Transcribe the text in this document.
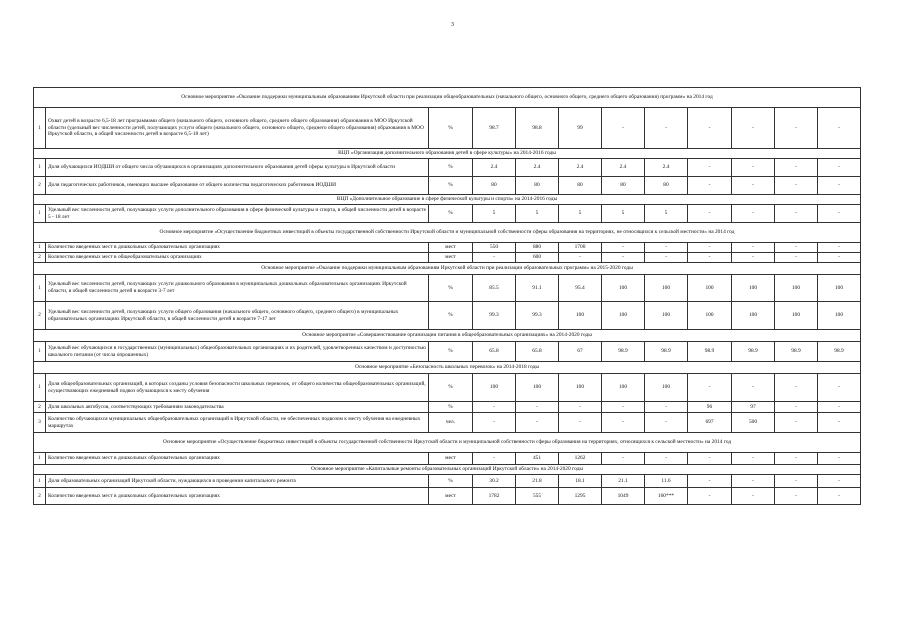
3
Основное мероприятие «Оказание поддержки муниципальным образованиям Иркутской области при реализации общеобразовательных (начального общего, основного общего, среднего общего образования) программ» на 2014 год											
1	Охват детей в возрасте 6,5-18 лет программами общего (начального общего, основного общего, среднего общего образования) образования в МОО Иркутской области (удельный вес численности детей, получающих услуги общего (начального общего, основного общего, среднего общего образования) образования в МОО Иркутской области, в общей численности детей в возрасте 6,5-18 лет)	%	98.7	98.8	99	-	-	-	-	-	-
ВЦП «Организация дополнительного образования детей в сфере культуры» на 2014-2016 годы											
1	Доля обучающихся ИОДШИ от общего числа обучающихся в организациях дополнительного образования детей сферы культуры в Иркутской области	%	2.4	2.4	2.4	2.4	2.4	-	-	-	-
2	Доля педагогических работников, имеющих высшее образование от общего количества педагогических работников ИОДШИ	%	80	80	80	80	80	-	-	-	-
ВЦП «Дополнительное образование в сфере физической культуры и спорта» на 2014-2016 годы											
1	Удельный вес численности детей, получающих услуги дополнительного образования в сфере физической культуры и спорта, в общей численности детей в возрасте 5 - 18 лет	%	5	5	5	5	5	-	-	-	-
Основное мероприятие «Осуществление бюджетных инвестиций в объекты государственной собственности Иркутской области и муниципальной собственности сферы образования на территориях, не относящихся к сельской местности» на 2014 год											
1	Количество введенных мест в дошкольных образовательных организациях	мест	550	880	1700	-	-	-	-	-	-
2	Количество введенных мест в общеобразовательных организациях	мест	-	600	-	-	-	-	-	-	-
Основное мероприятие «Оказание поддержки муниципальным образованиям Иркутской области при реализации образовательных программ» на 2015-2020 годы											
1	Удельный вес численности детей, получающих услуги дошкольного образования в муниципальных дошкольных образовательных организациях Иркутской области, в общей численности детей в возрасте 3-7 лет	%	85.5	91.1	95.4	100	100	100	100	100	100
2	Удельный вес численности детей, получающих услуги общего образования (начального общего, основного общего, среднего общего) в муниципальных образовательных организациях Иркутской области, в общей численности детей в возрасте 7-17 лет	%	99.3	99.3	100	100	100	100	100	100	100
Основное мероприятие «Совершенствование организации питания в общеобразовательных организациях» на 2014-2020 годы											
1	Удельный вес обучающихся в государственных (муниципальных) общеобразовательных организациях и их родителей, удовлетворенных качеством и доступностью школьного питания (от числа опрошенных)	%	65.8	65.8	67	98.9	98.9	98.9	98.9	98.9	98.9
Основное мероприятие «Безопасность школьных перевозок» на 2014-2018 годы											
1	Доля общеобразовательных организаций, в которых созданы условия безопасности школьных перевозок, от общего количества общеобразовательных организаций, осуществляющих ежедневный подвоз обучающихся к месту обучения	%	100	100	100	100	100	-	-	-	-
2	Доля школьных автобусов, соответствующих требованиям законодательства	%	-	-	-	-	-	96	97	-	-
3	Количество обучающихся муниципальных общеобразовательных организаций в Иркутской области, не обеспеченных подвозом к месту обучения на ежедневных маршрутах	чел.	-	-	-	-	-	697	500	-	-
Основное мероприятие «Осуществление бюджетных инвестиций в объекты государственной собственности Иркутской области и муниципальной собственности сферы образования на территориях, относящихся к сельской местности» на 2014 год											
1	Количество введенных мест в дошкольных образовательных организациях	мест	-	451	1262	-	-	-	-	-	-
Основное мероприятие «Капитальные ремонты образовательных организаций Иркутской области» на 2014-2020 годы											
1	Доля образовательных организаций Иркутской области, нуждающихся в проведении капитального ремонта	%	30.2	21.8	18.1	21.1	11.6	-	-	-	-
2	Количество введенных мест в дошкольных образовательных организациях	мест	1782	555	1295	1049	160***	-	-	-	-
